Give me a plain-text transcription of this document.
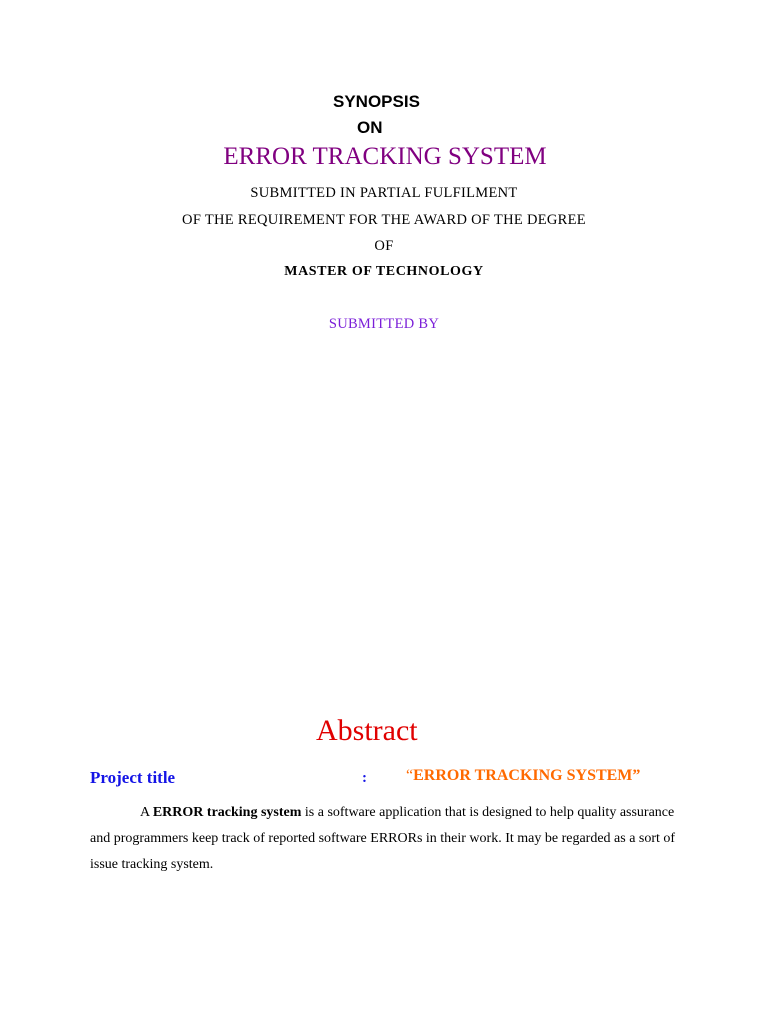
SYNOPSIS
ON
ERROR TRACKING SYSTEM
SUBMITTED IN PARTIAL FULFILMENT
OF THE REQUIREMENT FOR THE AWARD OF THE DEGREE
OF
MASTER OF TECHNOLOGY
SUBMITTED BY
Abstract
Project title	: “ERROR TRACKING SYSTEM”
A ERROR tracking system is a software application that is designed to help quality assurance and programmers keep track of reported software ERRORs in their work. It may be regarded as a sort of issue tracking system.
